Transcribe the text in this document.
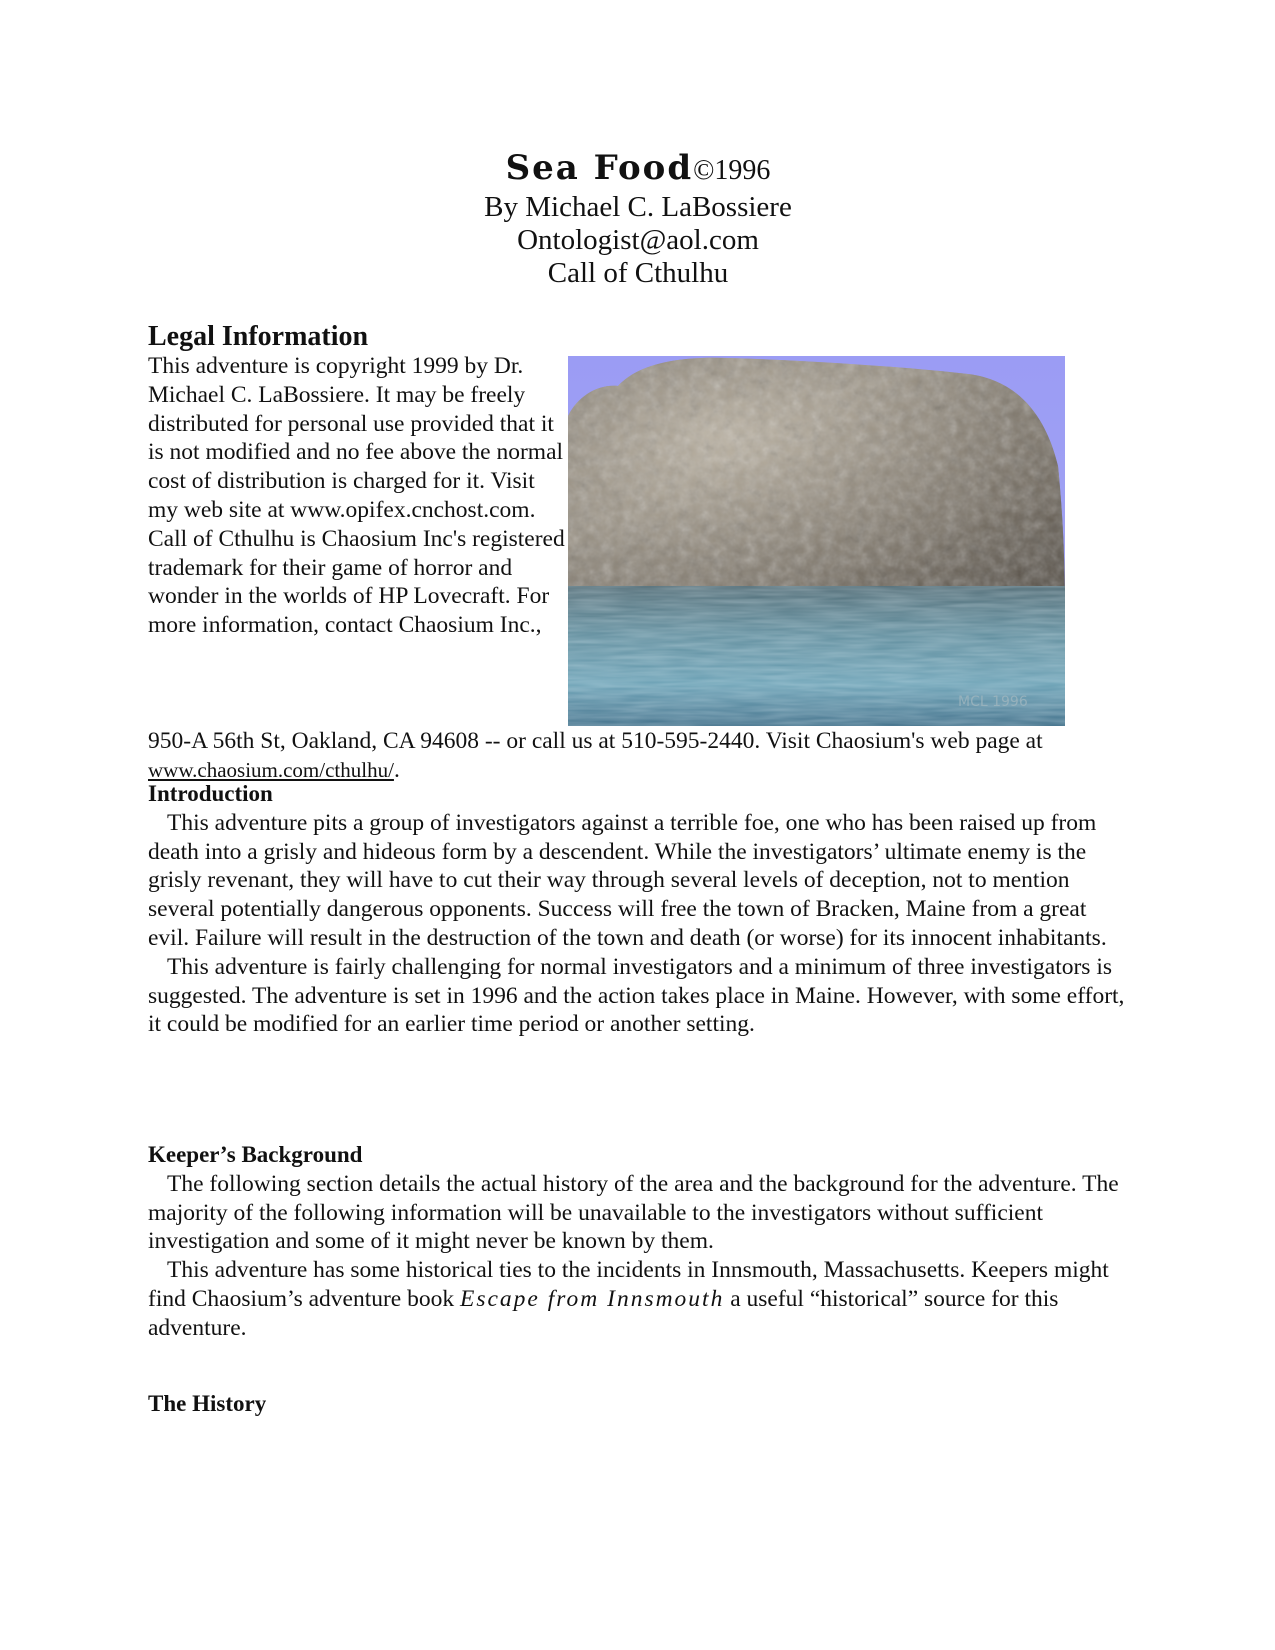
Sea Food©1996
By Michael C. LaBossiere
Ontologist@aol.com
Call of Cthulhu
Legal Information

This adventure is copyright 1999 by Dr. Michael C. LaBossiere. It may be freely distributed for personal use provided that it is not modified and no fee above the normal cost of distribution is charged for it. Visit my web site at www.opifex.cnchost.com.

Call of Cthulhu is Chaosium Inc's registered trademark for their game of horror and wonder in the worlds of HP Lovecraft. For more information, contact Chaosium Inc.,

MCL 1996
950-A 56th St, Oakland, CA 94608 -- or call us at 510-595-2440. Visit Chaosium's web page at www.chaosium.com/cthulhu/.
Introduction

This adventure pits a group of investigators against a terrible foe, one who has been raised up from death into a grisly and hideous form by a descendent. While the investigators’ ultimate enemy is the grisly revenant, they will have to cut their way through several levels of deception, not to mention several potentially dangerous opponents. Success will free the town of Bracken, Maine from a great evil. Failure will result in the destruction of the town and death (or worse) for its innocent inhabitants.

This adventure is fairly challenging for normal investigators and a minimum of three investigators is suggested. The adventure is set in 1996 and the action takes place in Maine. However, with some effort, it could be modified for an earlier time period or another setting.

Keeper’s Background

The following section details the actual history of the area and the background for the adventure. The majority of the following information will be unavailable to the investigators without sufficient investigation and some of it might never be known by them.

This adventure has some historical ties to the incidents in Innsmouth, Massachusetts. Keepers might find Chaosium’s adventure book Escape from Innsmouth a useful “historical” source for this adventure.

The History
